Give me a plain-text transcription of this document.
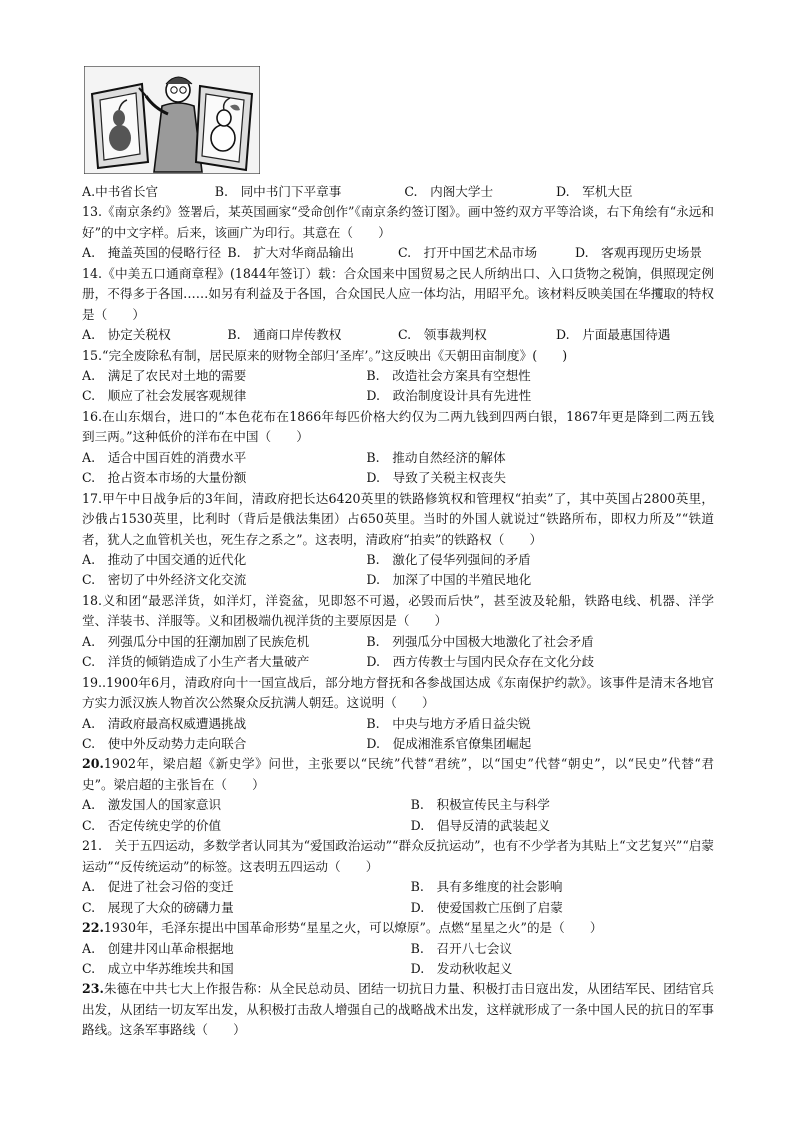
A.中书省长官	B.　同中书门下平章事	C.　内阁大学士	D.　军机大臣

13.《南京条约》签署后，某英国画家“受命创作”《南京条约签订图》。画中签约双方平等洽谈，右下角绘有“永远和好”的中文字样。后来，该画广为印行。其意在（　　）

A.　掩盖英国的侵略行径 B.　扩大对华商品输出	C.　打开中国艺术品市场	D.　客观再现历史场景

14.《中美五口通商章程》(1844年签订）载：合众国来中国贸易之民人所纳出口、入口货物之税饷，俱照现定例册，不得多于各国……如另有利益及于各国，合众国民人应一体均沾，用昭平允。该材料反映美国在华攫取的特权是（　　）

A.　协定关税权	B.　通商口岸传教权	C.　领事裁判权	D.　片面最惠国待遇

15.“完全废除私有制，居民原来的财物全部归‘圣库’。”这反映出《天朝田亩制度》(　　)

A.　满足了农民对土地的需要	B.　改造社会方案具有空想性
C.　顺应了社会发展客观规律	D.　政治制度设计具有先进性

16.在山东烟台，进口的“本色花布在1866年每匹价格大约仅为二两九钱到四两白银，1867年更是降到二两五钱到三两。”这种低价的洋布在中国（　　）

A.　适合中国百姓的消费水平	B.　推动自然经济的解体
C.　抢占资本市场的大量份额	D.　导致了关税主权丧失

17.甲午中日战争后的3年间，清政府把长达6420英里的铁路修筑权和管理权“拍卖”了，其中英国占2800英里，沙俄占1530英里，比利时（背后是俄法集团）占650英里。当时的外国人就说过“铁路所布，即权力所及”“铁道者，犹人之血管机关也，死生存之系之”。这表明，清政府“拍卖”的铁路权（　　）

A.　推动了中国交通的近代化	B.　激化了侵华列强间的矛盾
C.　密切了中外经济文化交流	D.　加深了中国的半殖民地化

18.义和团“最恶洋货，如洋灯，洋瓷盆，见即怒不可遏，必毁而后快”，甚至波及轮船，铁路电线、机器、洋学堂、洋装书、洋服等。义和团极端仇视洋货的主要原因是（　　）

A.　列强瓜分中国的狂潮加剧了民族危机	B.　列强瓜分中国极大地激化了社会矛盾
C.　洋货的倾销造成了小生产者大量破产	D.　西方传教士与国内民众存在文化分歧

19..1900年6月，清政府向十一国宣战后，部分地方督抚和各参战国达成《东南保护约款》。该事件是清末各地官方实力派汉族人物首次公然聚众反抗满人朝廷。这说明（　　）

A.　清政府最高权威遭遇挑战	B.　中央与地方矛盾日益尖锐
C.　使中外反动势力走向联合	D.　促成湘淮系官僚集团崛起

20.1902年，梁启超《新史学》问世，主张要以“民统”代替“君统”，以“国史”代替“朝史”，以“民史”代替“君史”。梁启超的主张旨在（　　）

A.　激发国人的国家意识	B.　积极宣传民主与科学
C.　否定传统史学的价值	D.　倡导反清的武装起义

21.　关于五四运动，多数学者认同其为“爱国政治运动”“群众反抗运动”，也有不少学者为其贴上“文艺复兴”“启蒙运动”“反传统运动”的标签。这表明五四运动（　　）

A.　促进了社会习俗的变迁	B.　具有多维度的社会影响
C.　展现了大众的磅礴力量	D.　使爱国救亡压倒了启蒙

22.1930年，毛泽东提出中国革命形势“星星之火，可以燎原”。点燃“星星之火”的是（　　）

A.　创建井冈山革命根据地	B.　召开八七会议
C.　成立中华苏维埃共和国	D.　发动秋收起义

23.朱德在中共七大上作报告称：从全民总动员、团结一切抗日力量、积极打击日寇出发，从团结军民、团结官兵出发，从团结一切友军出发，从积极打击敌人增强自己的战略战术出发，这样就形成了一条中国人民的抗日的军事路线。这条军事路线（　　）
